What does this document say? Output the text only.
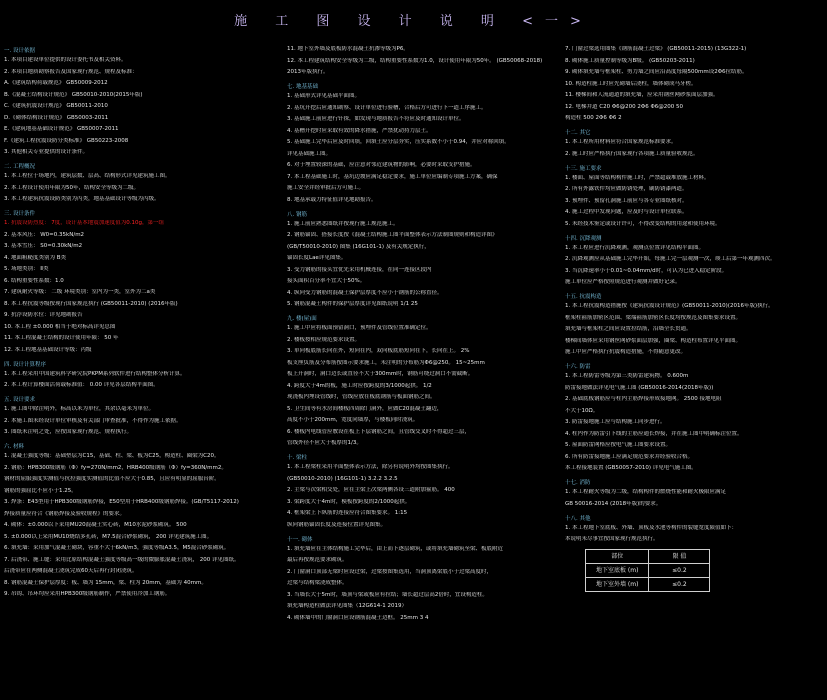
施 工 图 设 计 说 明 <一>
一. 设计依据
1. 本项目建设单位提供的设计委托书及相关资料。
2. 本项目地质勘察报告及国家现行规范、规程及标准：
A.《建筑结构荷载规范》 GB50009-2012
B.《混凝土结构设计规范》 GB50010-2010(2015年版)
C.《建筑抗震设计规范》 GB50011-2010
D.《砌体结构设计规范》 GB50003-2011
E.《建筑地基基础设计规范》 GB50007-2011
F.《建筑工程抗震设防分类标准》 GB50223-2008
3. 其他相关专业提供的设计条件。
二. 工程概况
1. 本工程位于场地内，建筑层数、层高、结构形式详见建筑施工图。
2. 本工程设计使用年限为50年，结构安全等级为二级。
3. 本工程建筑抗震设防类别为丙类，地基基础设计等级为丙级。
三. 设计条件
1. 抗震设防烈度： 7度，设计基本地震加速度值为0.10g，第一组
2. 基本风压： W0=0.35kN/m2
3. 基本雪压： S0=0.30kN/m2
4. 地面粗糙度类别为 B类
5. 场地类别： Ⅱ类
6. 结构重要性系数：1.0
7. 建筑耐火等级： 二级 环境类别：室内为一类，室外为二a类
8. 本工程抗震等级按现行国家规范执行 (GB50011-2010) (2016年版)
9. 抗浮设防水位：详见地勘报告
10. 本工程 ±0.000 相当于绝对标高详见总图
11. 本工程混凝土结构的设计使用年限： 50 年
12. 本工程地基基础设计等级：丙级
四. 设计计算程序
1. 本工程采用中国建筑科学研究院PKPM系列软件进行结构整体分析计算。
2. 本工程计算楼面活荷载标准值： 0.00 详见各层结构平面图。
五. 设计要求
1. 施工图中除注明外，标高以米为单位，其余以毫米为单位。
2. 本施工图未经设计单位审核及有关部门审查批准，不得作为施工依据。
3. 图纸未注明之处，应按国家现行规范、规程执行。
六. 材料
1. 混凝土强度等级：基础垫层为C15，基础、柱、梁、板为C25，构造柱、圈梁为C20。
2. 钢筋：HPB300级钢筋（Φ）fy=270N/mm2，HRB400级钢筋（Φ）fy=360N/mm2。
钢材的屈服强度实测值与抗拉强度实测值的比值不应大于0.85，且应有明显的屈服台阶。
钢筋的强屈比不应小于1.25。
3. 焊条：E43型用于HPB300级钢筋焊接，E50型用于HRB400级钢筋焊接。(GB/T5117-2012)
焊接质量应符合《钢筋焊接及验收规程》的要求。
4. 砌体：±0.000以下采用MU20混凝土实心砖，M10水泥砂浆砌筑。 500
5. ±0.000以上采用MU10烧结多孔砖，M7.5混合砂浆砌筑， 200 详见建筑施工图。
6. 填充墙：采用加气混凝土砌块，容重不大于6kN/m3，强度等级A3.5，M5混合砂浆砌筑。
7. 后浇带、施工缝：采用比原结构混凝土强度等级高一级的微膨胀混凝土浇筑， 200 详见图纸。
后浇带应在两侧混凝土浇筑完成60天后再行封闭浇筑。
8. 钢筋混凝土保护层厚度：板、墙为 15mm，梁、柱为 20mm，基础为 40mm。
9. 吊钩、吊环均应采用HPB300级钢筋制作，严禁使用冷加工钢筋。
11. 地下室外墙及底板防水混凝土抗渗等级为P6。
12. 本工程建筑结构安全等级为二级，结构重要性系数为1.0，设计使用年限为50年。 (GB50068-2018)
2013年版执行。
七. 地基基础
1. 基础形式详见基础平面图。
2. 基坑开挖后应通知勘察、设计单位进行验槽，合格后方可进行下一道工序施工。
3. 基础施工前应进行钎探，如发现与地质报告不符应及时通知设计单位。
4. 基槽开挖时应采取有效的降水措施，严禁扰动持力层土。
5. 基础施工完毕后应及时回填，回填土应分层夯实，压实系数不小于0.94，并应对称回填。
详见基础施工图。
6. 对于埋置较深的基础，应注意对邻近建筑物的影响，必要时采取支护措施。
7. 本工程基础施工时，基坑边坡应满足稳定要求，施工单位应编制专项施工方案，确保
施工安全并经审批后方可施工。
8. 地基承载力特征值详见地勘报告。
八. 钢筋
1. 施工前应熟悉图纸并按现行施工规范施工。
2. 钢筋锚固、搭接长度按《混凝土结构施工图平面整体表示方法制图规则和构造详图》
(GB/T50010-2010) 图集 (16G101-1) 及有关规定执行，
锚固长度Lae详见图集。
3. 受力钢筋的接头宜优先采用机械连接，在同一连接区段内
接头面积百分率不宜大于50%。
4. 纵向受力钢筋的混凝土保护层厚度不应小于钢筋的公称直径。
5. 钢筋混凝土构件的保护层厚度详见图纸说明 1/1 25
九. 楼(屋)面
1. 施工中应将板面预留洞口，预埋件及管线位置准确定位。
2. 楼板按相应规范要求设置。
3. 单向板底筋长向在外，短向在内，双向板底筋短向在下，长向在上。 2%
板支座负筋及分布筋按图示要求施工，未注明的分布筋为Φ6@250。 15~25mm
板上开洞时，洞口边长或直径不大于300mm时，钢筋可绕过洞口不需截断。
4. 跨度大于4m的板，施工时应按跨度的3/1000起拱。 1/2
现浇板内埋设管线时，管线应放在板底钢筋与板面钢筋之间。
5. 卫生间等有水房间楼板四周除门洞外，应做C20混凝土翻边，
高度不小于200mm，宽度同墙厚，与楼板同时浇筑。
6. 楼板内电线管应敷设在板上下层钢筋之间，且管线交叉时不得超过三层，
管线外径不应大于板厚的1/3。
十. 梁柱
1. 本工程梁柱采用平面整体表示方法，除另有说明外均按图集执行。
(GB50010-2010) (16G101-1) 3.2.2 3.2.5
2. 主梁与次梁相交处，应在主梁上次梁两侧各设三道附加箍筋。 400
3. 梁跨度大于4m时，模板按跨度的2/1000起拱。
4. 框架梁上下纵筋的连接应符合图集要求。 1:15
纵向钢筋锚固长度及连接位置详见图集。
十一. 砌体
1. 填充墙应在主体结构施工完毕后，由上而下逐层砌筑，或将填充墙砌筑至梁、板底附近
最后再按规范要求砌筑。
2. 门窗洞口顶部无梁时应设过梁，过梁按图集选用，当洞顶离梁底小于过梁高度时，
过梁与结构梁浇成整体。
3. 当墙长大于5m时，墙顶与梁或板应有拉结；墙长超过层高2倍时，宜设构造柱。
填充墙构造柱做法详见图集（12G614-1 2019）
4. 砌体墙中的门窗洞口应设钢筋混凝土边框。 25mm 3 4
7. 门窗过梁选用图集《钢筋混凝土过梁》 (GB50011-2015) (13G322-1)
8. 砌体施工质量控制等级为B级。 (GB50203-2011)
9. 砌体填充墙与框架柱、剪力墙之间应沿高度每隔500mm设2Φ6拉结筋。
10. 构造柱施工时应先砌墙后浇柱，墙体砌成马牙槎。
11. 楼梯间和人流通道的填充墙，应采用钢丝网砂浆面层加强。
12. 电梯井道 C20 Φ6@200 2Φ6 Φ6@200 50
构造柱 500 2Φ6 Φ6 2
十二. 其它
1. 本工程所用材料应符合国家规范标准要求。
2. 施工时应严格执行国家现行各项施工质量验收规范。
十三. 施工要求
1. 楼面、屋面等结构构件施工时，严禁超载堆放施工材料。
2. 所有外露铁件均应做防锈处理，刷防锈漆两道。
3. 预埋件、预留孔洞施工前应与各专业图纸核对。
4. 施工过程中发现问题，应及时与设计单位联系。
5. 未经技术鉴定或设计许可，不得改变结构的用途和使用环境。
十四. 沉降观测
1. 本工程应进行沉降观测，观测点位置详见结构平面图。
2. 沉降观测应从基础施工完毕开始，每施工完一层观测一次，竣工后第一年观测四次。
3. 当沉降速率小于0.01~0.04mm/d时，可认为已进入稳定阶段。
施工单位应严格按照规范进行观测并做好记录。
十五. 抗震构造
1. 本工程抗震构造措施按《建筑抗震设计规范》(GB50011-2010)(2016年版)执行。
框架柱箍筋加密区范围、梁端箍筋加密区长度均按规范及图集要求设置。
填充墙与框架柱之间应设置拉结筋，沿墙全长贯通。
楼梯间墙体应采用钢丝网砂浆面层加强，圈梁、构造柱布置详见平面图。
施工中应严格执行抗震构造措施，不得随意更改。
十六. 防雷
1. 本工程防雷等级为第三类防雷建筑物。 0.600m
防雷接地做法详见电气施工图 (GB50016-2014(2018年版))
2. 基础底板钢筋应与柱内主筋焊接形成接地网。 2500 接地电阻
不大于10Ω。
3. 防雷接地施工应与结构施工同步进行。
4. 柱内作为防雷引下线的主筋应通长焊接，并在施工图中明确标注位置。
5. 屋面防雷网格应按电气施工图要求设置。
6. 所有防雷接地施工应满足规范要求并经验收合格。
本工程接地装置 (GB50057-2010) 详见电气施工图。
十七. 消防
1. 本工程耐火等级为二级，结构构件的燃烧性能和耐火极限应满足
GB 50016-2014 (2018年版)的要求。
十八. 其他
1. 本工程地下室底板、外墙、顶板及水池等构件的裂缝宽度限值如下：
本说明未尽事宜按国家现行规范执行。
部位	限 值
地下室底板 (m)	≤0.2
地下室外墙 (m)	≤0.2
